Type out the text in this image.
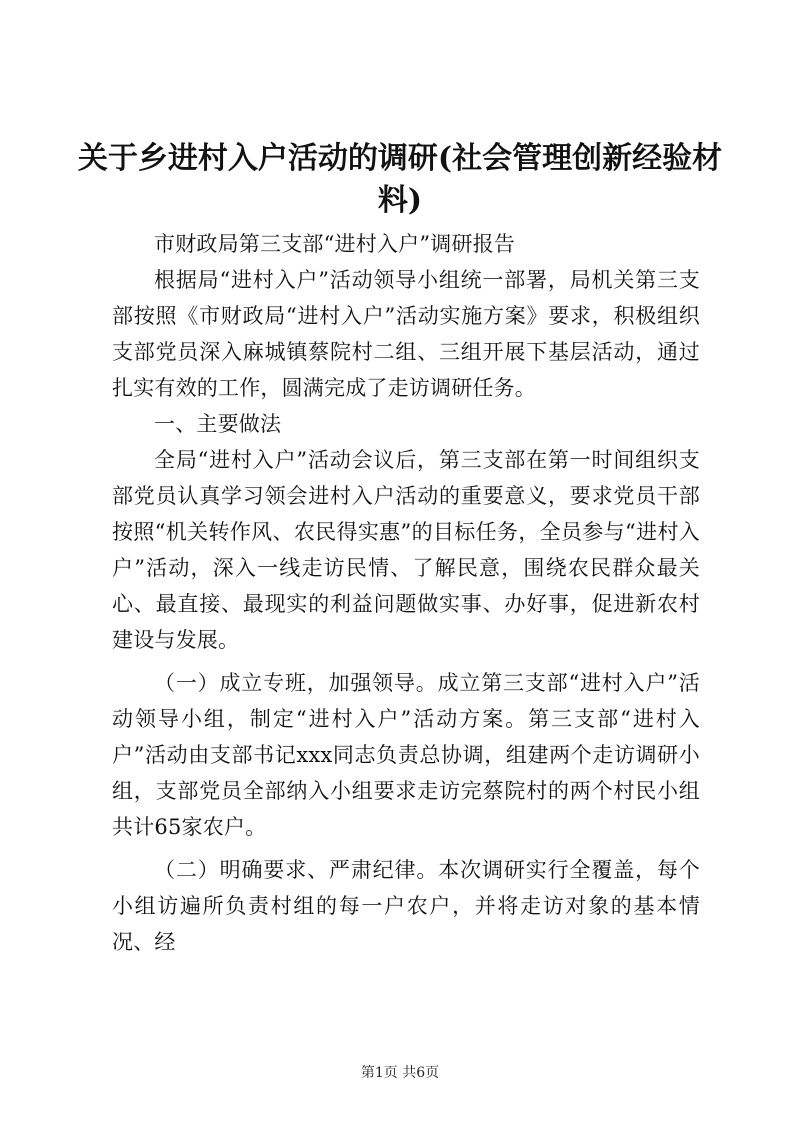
关于乡进村入户活动的调研(社会管理创新经验材料)

市财政局第三支部“进村入户”调研报告

根据局“进村入户”活动领导小组统一部署，局机关第三支部按照《市财政局“进村入户”活动实施方案》要求，积极组织支部党员深入麻城镇蔡院村二组、三组开展下基层活动，通过扎实有效的工作，圆满完成了走访调研任务。

一、主要做法

全局“进村入户”活动会议后，第三支部在第一时间组织支部党员认真学习领会进村入户活动的重要意义，要求党员干部按照“机关转作风、农民得实惠”的目标任务，全员参与“进村入户”活动，深入一线走访民情、了解民意，围绕农民群众最关心、最直接、最现实的利益问题做实事、办好事，促进新农村建设与发展。

（一）成立专班，加强领导。成立第三支部“进村入户”活动领导小组，制定“进村入户”活动方案。第三支部“进村入户”活动由支部书记xxx同志负责总协调，组建两个走访调研小组，支部党员全部纳入小组要求走访完蔡院村的两个村民小组共计65家农户。

（二）明确要求、严肃纪律。本次调研实行全覆盖，每个小组访遍所负责村组的每一户农户，并将走访对象的基本情况、经

第1页 共6页
